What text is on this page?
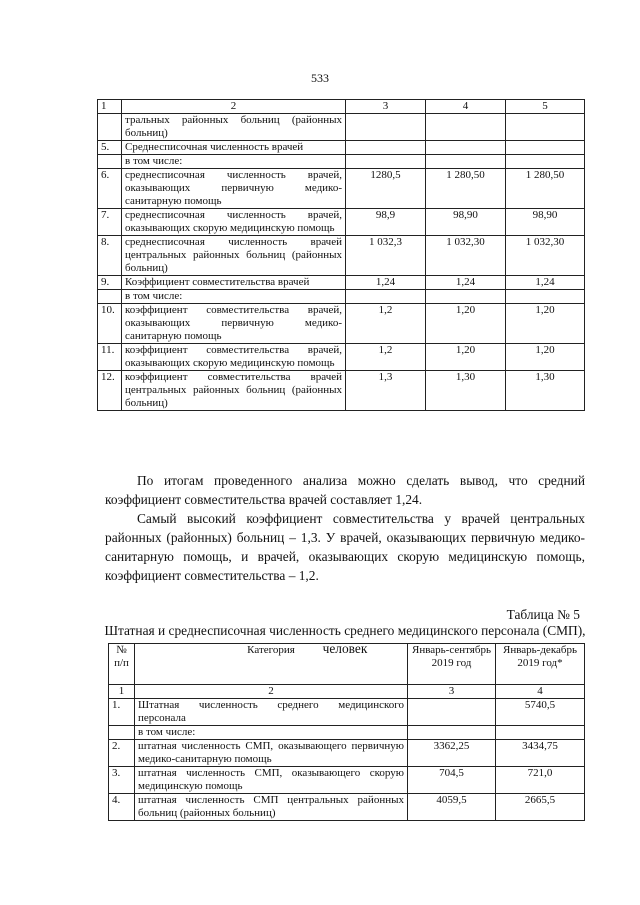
533
1	2	3	4	5
	тральных районных больниц (районных больниц)			
5.	Среднесписочная численность врачей			
	в том числе:			
6.	среднесписочная численность врачей, оказывающих первичную медико-санитарную помощь	1280,5	1 280,50	1 280,50
7.	среднесписочная численность врачей, оказывающих скорую медицинскую помощь	98,9	98,90	98,90
8.	среднесписочная численность врачей центральных районных больниц (районных больниц)	1 032,3	1 032,30	1 032,30
9.	Коэффициент совместительства врачей	1,24	1,24	1,24
	в том числе:			
10.	коэффициент совместительства врачей, оказывающих первичную медико-санитарную помощь	1,2	1,20	1,20
11.	коэффициент совместительства врачей, оказывающих скорую медицинскую помощь	1,2	1,20	1,20
12.	коэффициент совместительства врачей центральных районных больниц (районных больниц)	1,3	1,30	1,30

По итогам проведенного анализа можно сделать вывод, что средний коэффициент совместительства врачей составляет 1,24.

Самый высокий коэффициент совместительства у врачей центральных районных (районных) больниц – 1,3. У врачей, оказывающих первичную медико-санитарную помощь, и врачей, оказывающих скорую медицинскую помощь, коэффициент совместительства – 1,2.

Таблица № 5

Штатная и среднесписочная численность среднего медицинского персонала (СМП), человек

№ п/п	Категория	Январь-сентябрь 2019 год	Январь-декабрь 2019 год*
1	2	3	4
1.	Штатная численность среднего медицинского персонала		5740,5
	в том числе:		
2.	штатная численность СМП, оказывающего первичную медико-санитарную помощь	3362,25	3434,75
3.	штатная численность СМП, оказывающего скорую медицинскую помощь	704,5	721,0
4.	штатная численность СМП центральных районных больниц (районных больниц)	4059,5	2665,5
